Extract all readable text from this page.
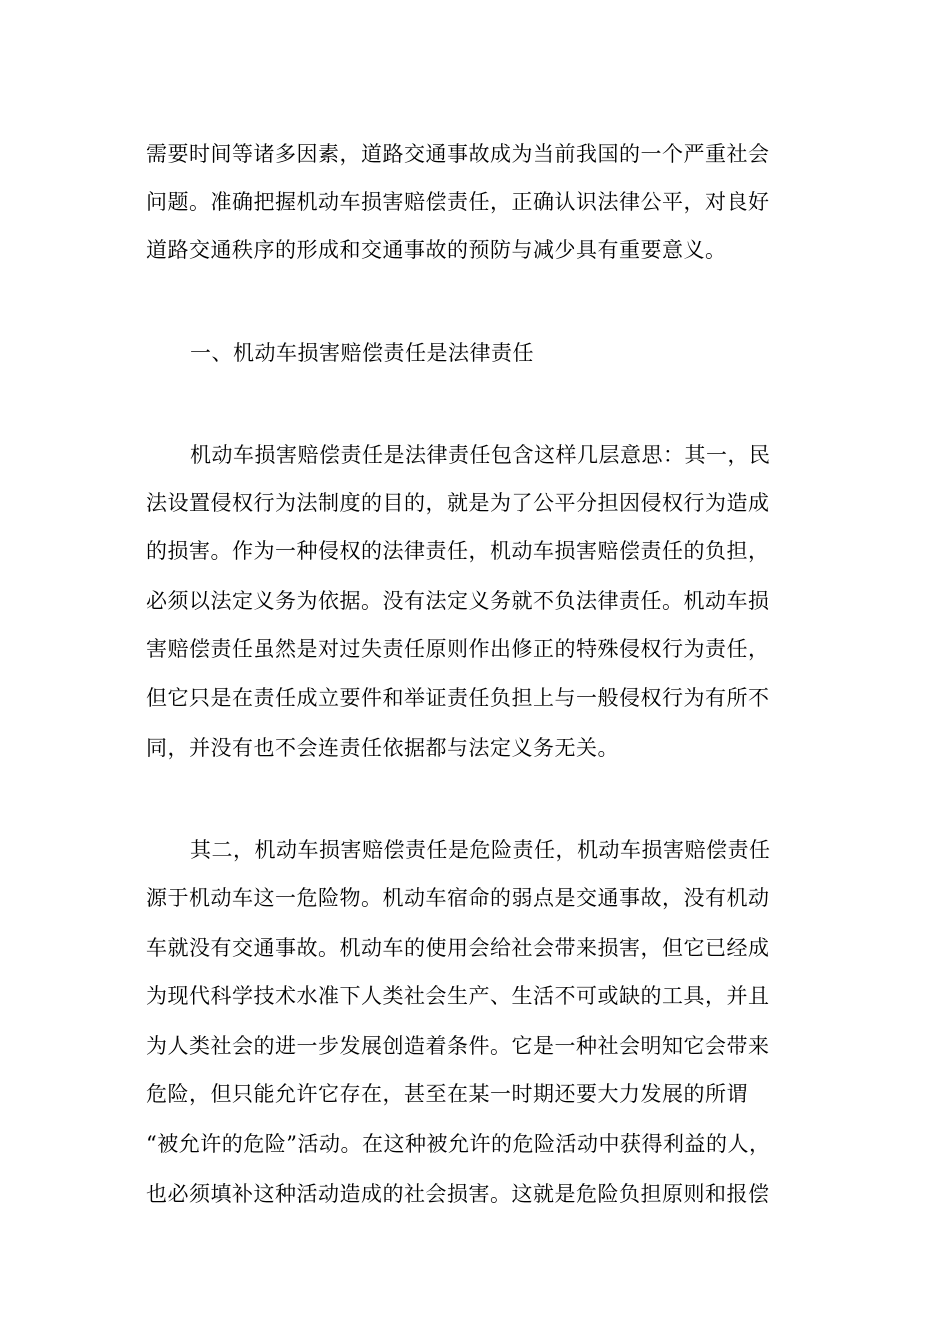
需要时间等诸多因素，道路交通事故成为当前我国的一个严重社会
问题。准确把握机动车损害赔偿责任，正确认识法律公平，对良好
道路交通秩序的形成和交通事故的预防与减少具有重要意义。
一、机动车损害赔偿责任是法律责任
机动车损害赔偿责任是法律责任包含这样几层意思：其一，民
法设置侵权行为法制度的目的，就是为了公平分担因侵权行为造成
的损害。作为一种侵权的法律责任，机动车损害赔偿责任的负担，
必须以法定义务为依据。没有法定义务就不负法律责任。机动车损
害赔偿责任虽然是对过失责任原则作出修正的特殊侵权行为责任，
但它只是在责任成立要件和举证责任负担上与一般侵权行为有所不
同，并没有也不会连责任依据都与法定义务无关。
其二，机动车损害赔偿责任是危险责任，机动车损害赔偿责任
源于机动车这一危险物。机动车宿命的弱点是交通事故，没有机动
车就没有交通事故。机动车的使用会给社会带来损害，但它已经成
为现代科学技术水准下人类社会生产、生活不可或缺的工具，并且
为人类社会的进一步发展创造着条件。它是一种社会明知它会带来
危险，但只能允许它存在，甚至在某一时期还要大力发展的所谓
“被允许的危险”活动。在这种被允许的危险活动中获得利益的人，
也必须填补这种活动造成的社会损害。这就是危险负担原则和报偿
